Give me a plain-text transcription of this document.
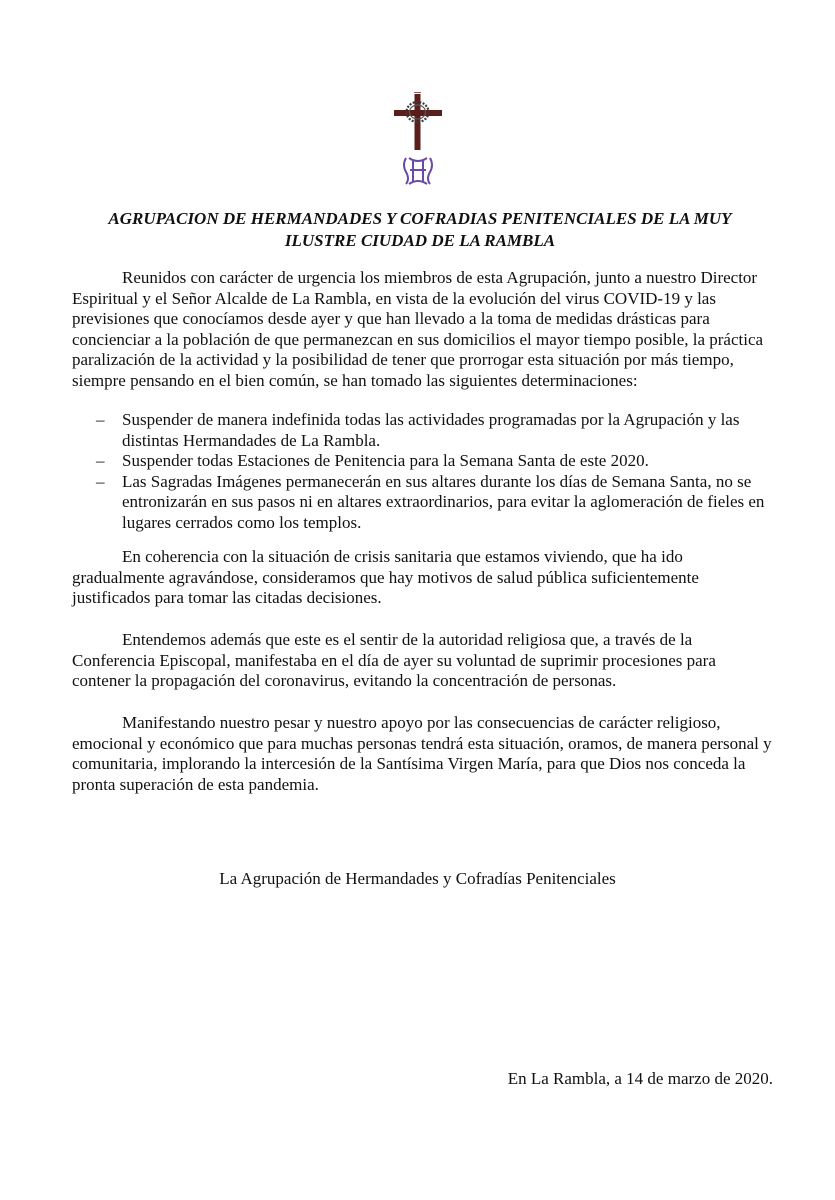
AGRUPACION DE HERMANDADES Y COFRADIAS PENITENCIALES DE LA MUY ILUSTRE CIUDAD DE LA RAMBLA

Reunidos con carácter de urgencia los miembros de esta Agrupación, junto a nuestro Director Espiritual y el Señor Alcalde de La Rambla, en vista de la evolución del virus COVID-19 y las previsiones que conocíamos desde ayer y que han llevado a la toma de medidas drásticas para concienciar a la población de que permanezcan en sus domicilios el mayor tiempo posible, la práctica paralización de la actividad y la posibilidad de tener que prorrogar esta situación por más tiempo, siempre pensando en el bien común, se han tomado las siguientes determinaciones:

– Suspender de manera indefinida todas las actividades programadas por la Agrupación y las distintas Hermandades de La Rambla.
– Suspender todas Estaciones de Penitencia para la Semana Santa de este 2020.
– Las Sagradas Imágenes permanecerán en sus altares durante los días de Semana Santa, no se entronizarán en sus pasos ni en altares extraordinarios, para evitar la aglomeración de fieles en lugares cerrados como los templos.

En coherencia con la situación de crisis sanitaria que estamos viviendo, que ha ido gradualmente agravándose, consideramos que hay motivos de salud pública suficientemente justificados para tomar las citadas decisiones.

Entendemos además que este es el sentir de la autoridad religiosa que, a través de la Conferencia Episcopal, manifestaba en el día de ayer su voluntad de suprimir procesiones para contener la propagación del coronavirus, evitando la concentración de personas.

Manifestando nuestro pesar y nuestro apoyo por las consecuencias de carácter religioso, emocional y económico que para muchas personas tendrá esta situación, oramos, de manera personal y comunitaria, implorando la intercesión de la Santísima Virgen María, para que Dios nos conceda la pronta superación de esta pandemia.

La Agrupación de Hermandades y Cofradías Penitenciales

En La Rambla, a 14 de marzo de 2020.
